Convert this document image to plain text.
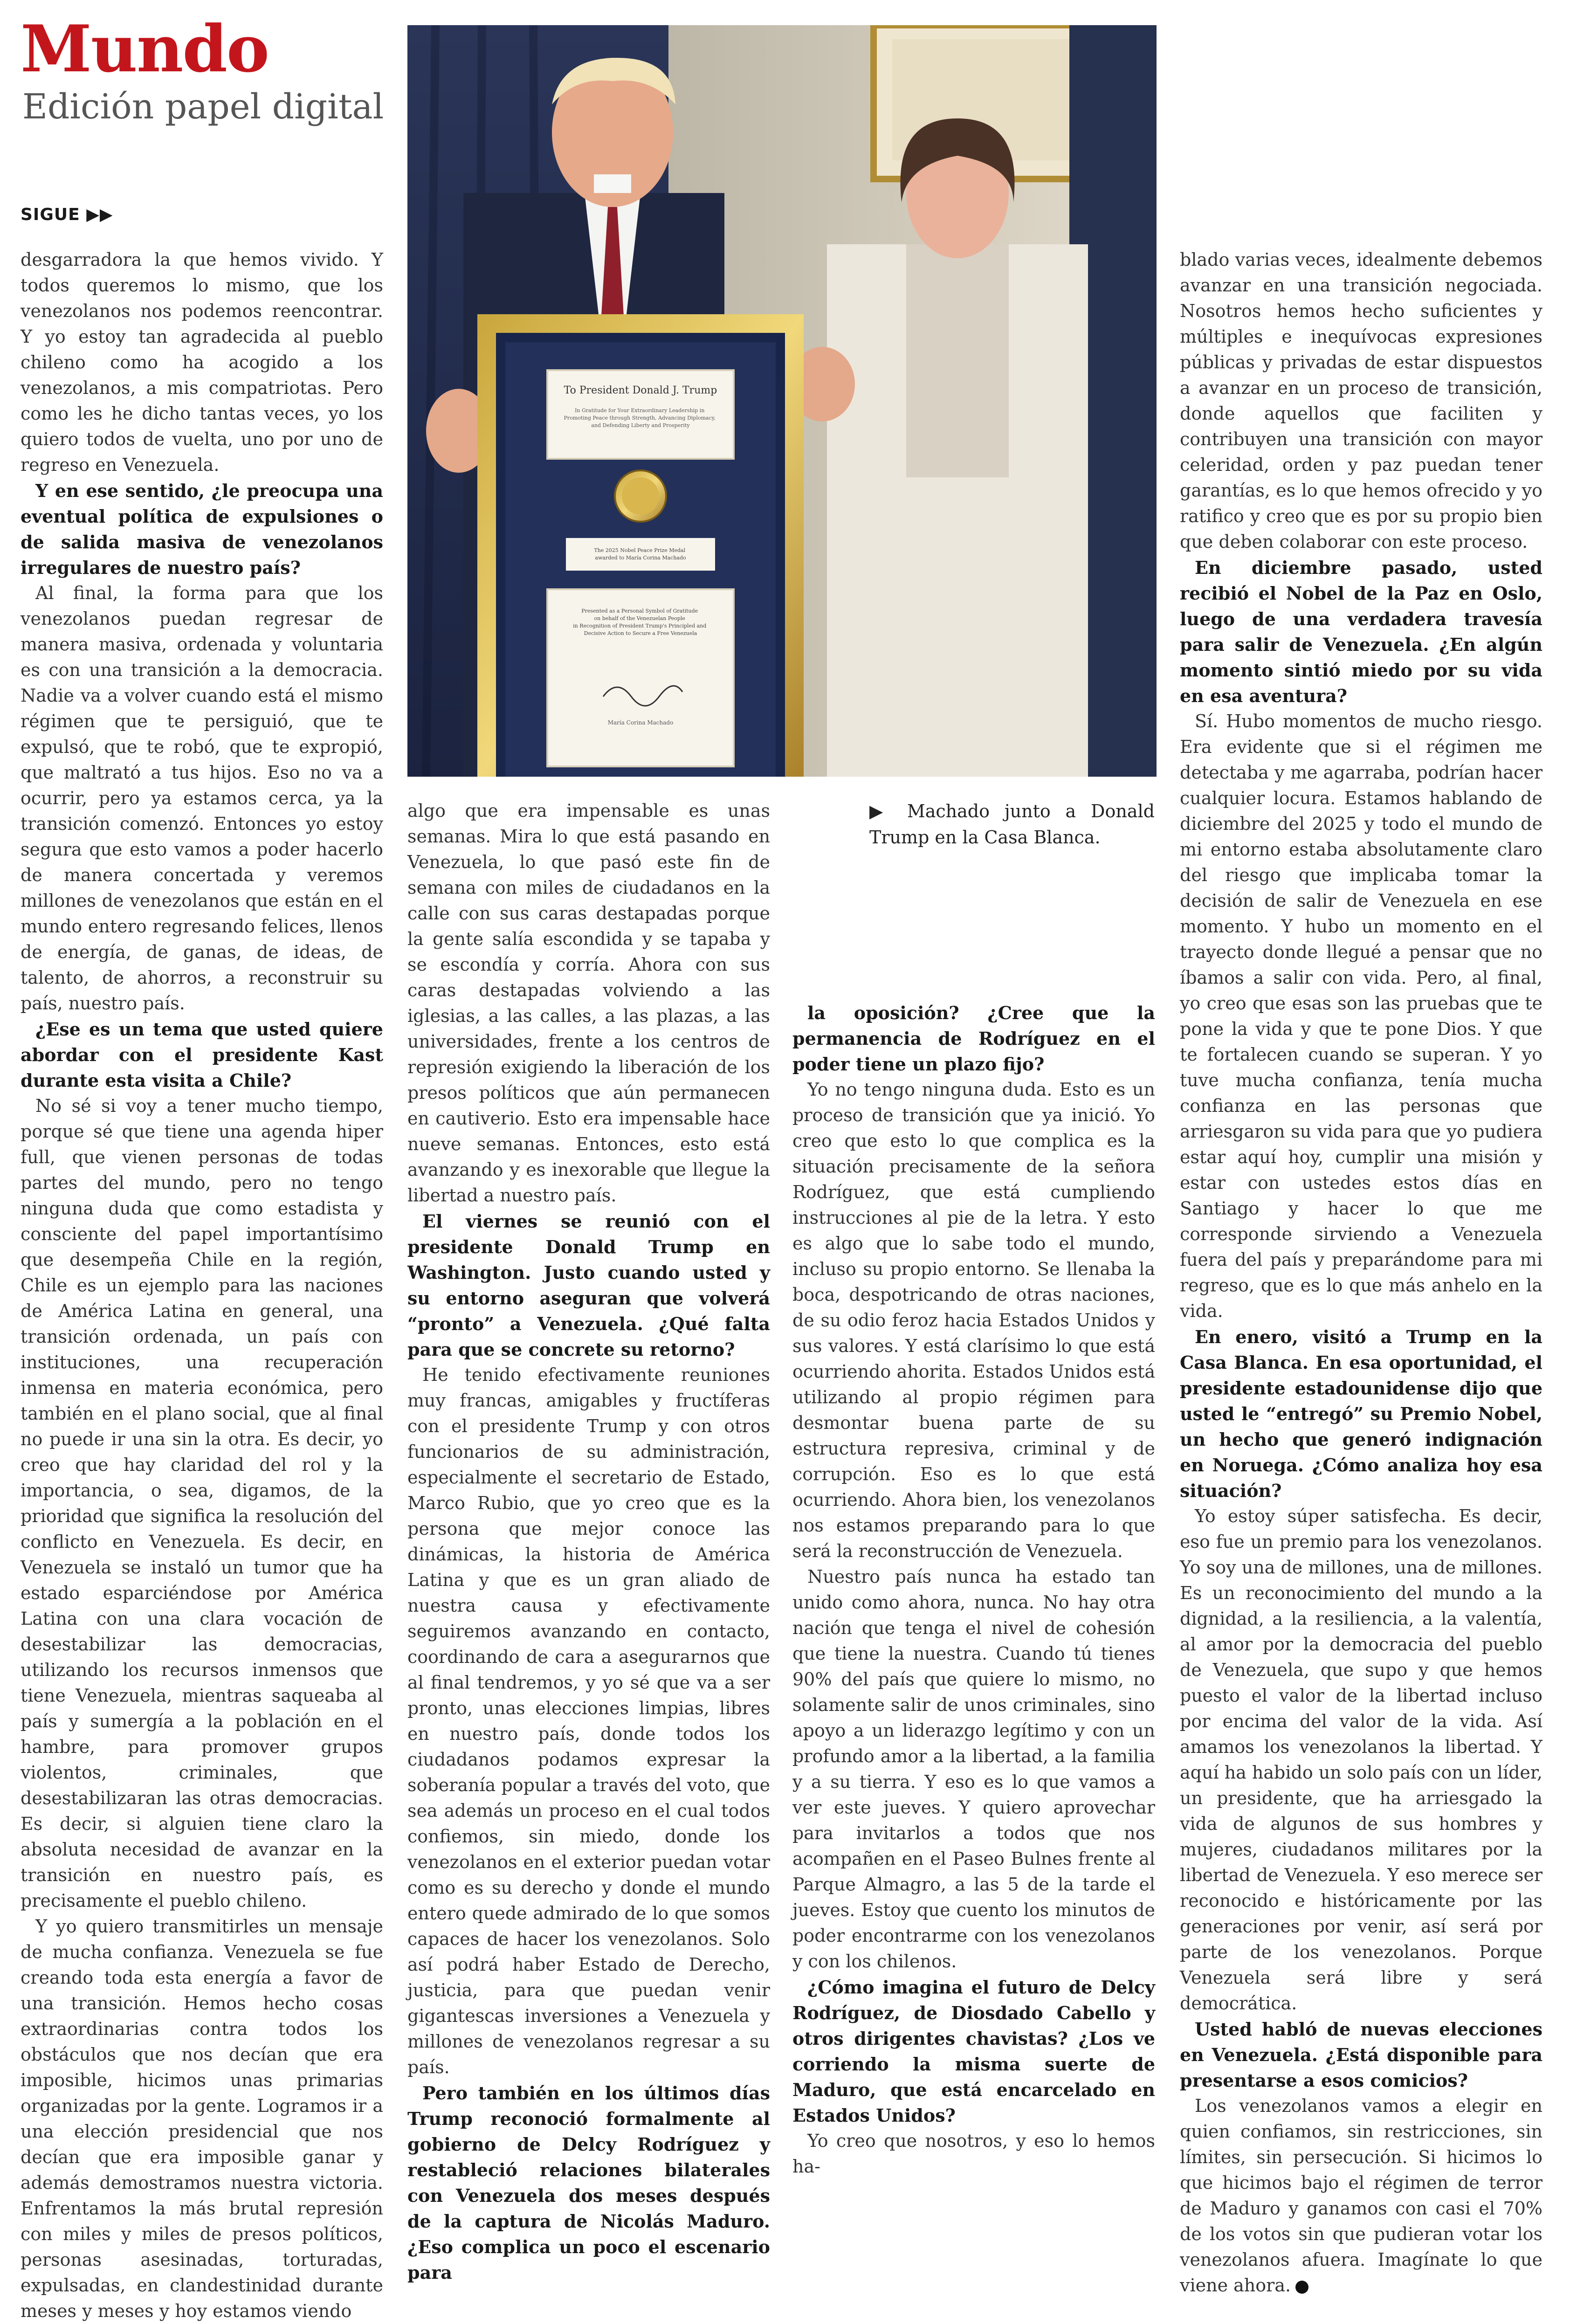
Mundo
Edición papel digital
SIGUE ▶▶
To President Donald J. Trump
In Gratitude for Your Extraordinary Leadership in Promoting Peace through Strength, Advancing Diplomacy, and Defending Liberty and Prosperity
The 2025 Nobel Peace Prize Medal awarded to María Corina Machado
Presented as a Personal Symbol of Gratitude on behalf of the Venezuelan People in Recognition of President Trump's Principled and Decisive Action to Secure a Free Venezuela
María Corina Machado
▶ Machado junto a Donald Trump en la Casa Blanca.

desgarradora la que hemos vivido. Y todos queremos lo mismo, que los venezolanos nos podemos reencontrar. Y yo estoy tan agradecida al pueblo chileno como ha acogido a los venezolanos, a mis compatriotas. Pero como les he dicho tantas veces, yo los quiero todos de vuelta, uno por uno de regreso en Venezuela.

Y en ese sentido, ¿le preocupa una eventual política de expulsiones o de salida masiva de venezolanos irregulares de nuestro país?

Al final, la forma para que los venezolanos puedan regresar de manera masiva, ordenada y voluntaria es con una transición a la democracia. Nadie va a volver cuando está el mismo régimen que te persiguió, que te expulsó, que te robó, que te expropió, que maltrató a tus hijos. Eso no va a ocurrir, pero ya estamos cerca, ya la transición comenzó. Entonces yo estoy segura que esto vamos a poder hacerlo de manera concertada y veremos millones de venezolanos que están en el mundo entero regresando felices, llenos de energía, de ganas, de ideas, de talento, de ahorros, a reconstruir su país, nuestro país.

¿Ese es un tema que usted quiere abordar con el presidente Kast durante esta visita a Chile?

No sé si voy a tener mucho tiempo, porque sé que tiene una agenda hiper full, que vienen personas de todas partes del mundo, pero no tengo ninguna duda que como estadista y consciente del papel importantísimo que desempeña Chile en la región, Chile es un ejemplo para las naciones de América Latina en general, una transición ordenada, un país con instituciones, una recuperación inmensa en materia económica, pero también en el plano social, que al final no puede ir una sin la otra. Es decir, yo creo que hay claridad del rol y la importancia, o sea, digamos, de la prioridad que significa la resolución del conflicto en Venezuela. Es decir, en Venezuela se instaló un tumor que ha estado esparciéndose por América Latina con una clara vocación de desestabilizar las democracias, utilizando los recursos inmensos que tiene Venezuela, mientras saqueaba al país y sumergía a la población en el hambre, para promover grupos violentos, criminales, que desestabilizaran las otras democracias. Es decir, si alguien tiene claro la absoluta necesidad de avanzar en la transición en nuestro país, es precisamente el pueblo chileno.

Y yo quiero transmitirles un mensaje de mucha confianza. Venezuela se fue creando toda esta energía a favor de una transición. Hemos hecho cosas extraordinarias contra todos los obstáculos que nos decían que era imposible, hicimos unas primarias organizadas por la gente. Logramos ir a una elección presidencial que nos decían que era imposible ganar y además demostramos nuestra victoria. Enfrentamos la más brutal represión con miles y miles de presos políticos, personas asesinadas, torturadas, expulsadas, en clandestinidad durante meses y meses y hoy estamos viendo

algo que era impensable es unas semanas. Mira lo que está pasando en Venezuela, lo que pasó este fin de semana con miles de ciudadanos en la calle con sus caras destapadas porque la gente salía escondida y se tapaba y se escondía y corría. Ahora con sus caras destapadas volviendo a las iglesias, a las calles, a las plazas, a las universidades, frente a los centros de represión exigiendo la liberación de los presos políticos que aún permanecen en cautiverio. Esto era impensable hace nueve semanas. Entonces, esto está avanzando y es inexorable que llegue la libertad a nuestro país.

El viernes se reunió con el presidente Donald Trump en Washington. Justo cuando usted y su entorno aseguran que volverá “pronto” a Venezuela. ¿Qué falta para que se concrete su retorno?

He tenido efectivamente reuniones muy francas, amigables y fructíferas con el presidente Trump y con otros funcionarios de su administración, especialmente el secretario de Estado, Marco Rubio, que yo creo que es la persona que mejor conoce las dinámicas, la historia de América Latina y que es un gran aliado de nuestra causa y efectivamente seguiremos avanzando en contacto, coordinando de cara a asegurarnos que al final tendremos, y yo sé que va a ser pronto, unas elecciones limpias, libres en nuestro país, donde todos los ciudadanos podamos expresar la soberanía popular a través del voto, que sea además un proceso en el cual todos confiemos, sin miedo, donde los venezolanos en el exterior puedan votar como es su derecho y donde el mundo entero quede admirado de lo que somos capaces de hacer los venezolanos. Solo así podrá haber Estado de Derecho, justicia, para que puedan venir gigantescas inversiones a Venezuela y millones de venezolanos regresar a su país.

Pero también en los últimos días Trump reconoció formalmente al gobierno de Delcy Rodríguez y restableció relaciones bilaterales con Venezuela dos meses después de la captura de Nicolás Maduro. ¿Eso complica un poco el escenario para

la oposición? ¿Cree que la permanencia de Rodríguez en el poder tiene un plazo fijo?

Yo no tengo ninguna duda. Esto es un proceso de transición que ya inició. Yo creo que esto lo que complica es la situación precisamente de la señora Rodríguez, que está cumpliendo instrucciones al pie de la letra. Y esto es algo que lo sabe todo el mundo, incluso su propio entorno. Se llenaba la boca, despotricando de otras naciones, de su odio feroz hacia Estados Unidos y sus valores. Y está clarísimo lo que está ocurriendo ahorita. Estados Unidos está utilizando al propio régimen para desmontar buena parte de su estructura represiva, criminal y de corrupción. Eso es lo que está ocurriendo. Ahora bien, los venezolanos nos estamos preparando para lo que será la reconstrucción de Venezuela.

Nuestro país nunca ha estado tan unido como ahora, nunca. No hay otra nación que tenga el nivel de cohesión que tiene la nuestra. Cuando tú tienes 90% del país que quiere lo mismo, no solamente salir de unos criminales, sino apoyo a un liderazgo legítimo y con un profundo amor a la libertad, a la familia y a su tierra. Y eso es lo que vamos a ver este jueves. Y quiero aprovechar para invitarlos a todos que nos acompañen en el Paseo Bulnes frente al Parque Almagro, a las 5 de la tarde el jueves. Estoy que cuento los minutos de poder encontrarme con los venezolanos y con los chilenos.

¿Cómo imagina el futuro de Delcy Rodríguez, de Diosdado Cabello y otros dirigentes chavistas? ¿Los ve corriendo la misma suerte de Maduro, que está encarcelado en Estados Unidos?

Yo creo que nosotros, y eso lo hemos ha-

blado varias veces, idealmente debemos avanzar en una transición negociada. Nosotros hemos hecho suficientes y múltiples e inequívocas expresiones públicas y privadas de estar dispuestos a avanzar en un proceso de transición, donde aquellos que faciliten y contribuyen una transición con mayor celeridad, orden y paz puedan tener garantías, es lo que hemos ofrecido y yo ratifico y creo que es por su propio bien que deben colaborar con este proceso.

En diciembre pasado, usted recibió el Nobel de la Paz en Oslo, luego de una verdadera travesía para salir de Venezuela. ¿En algún momento sintió miedo por su vida en esa aventura?

Sí. Hubo momentos de mucho riesgo. Era evidente que si el régimen me detectaba y me agarraba, podrían hacer cualquier locura. Estamos hablando de diciembre del 2025 y todo el mundo de mi entorno estaba absolutamente claro del riesgo que implicaba tomar la decisión de salir de Venezuela en ese momento. Y hubo un momento en el trayecto donde llegué a pensar que no íbamos a salir con vida. Pero, al final, yo creo que esas son las pruebas que te pone la vida y que te pone Dios. Y que te fortalecen cuando se superan. Y yo tuve mucha confianza, tenía mucha confianza en las personas que arriesgaron su vida para que yo pudiera estar aquí hoy, cumplir una misión y estar con ustedes estos días en Santiago y hacer lo que me corresponde sirviendo a Venezuela fuera del país y preparándome para mi regreso, que es lo que más anhelo en la vida.

En enero, visitó a Trump en la Casa Blanca. En esa oportunidad, el presidente estadounidense dijo que usted le “entregó” su Premio Nobel, un hecho que generó indignación en Noruega. ¿Cómo analiza hoy esa situación?

Yo estoy súper satisfecha. Es decir, eso fue un premio para los venezolanos. Yo soy una de millones, una de millones. Es un reconocimiento del mundo a la dignidad, a la resiliencia, a la valentía, al amor por la democracia del pueblo de Venezuela, que supo y que hemos puesto el valor de la libertad incluso por encima del valor de la vida. Así amamos los venezolanos la libertad. Y aquí ha habido un solo país con un líder, un presidente, que ha arriesgado la vida de algunos de sus hombres y mujeres, ciudadanos militares por la libertad de Venezuela. Y eso merece ser reconocido e históricamente por las generaciones por venir, así será por parte de los venezolanos. Porque Venezuela será libre y será democrática.

Usted habló de nuevas elecciones en Venezuela. ¿Está disponible para presentarse a esos comicios?

Los venezolanos vamos a elegir en quien confiamos, sin restricciones, sin límites, sin persecución. Si hicimos lo que hicimos bajo el régimen de terror de Maduro y ganamos con casi el 70% de los votos sin que pudieran votar los venezolanos afuera. Imagínate lo que viene ahora.
